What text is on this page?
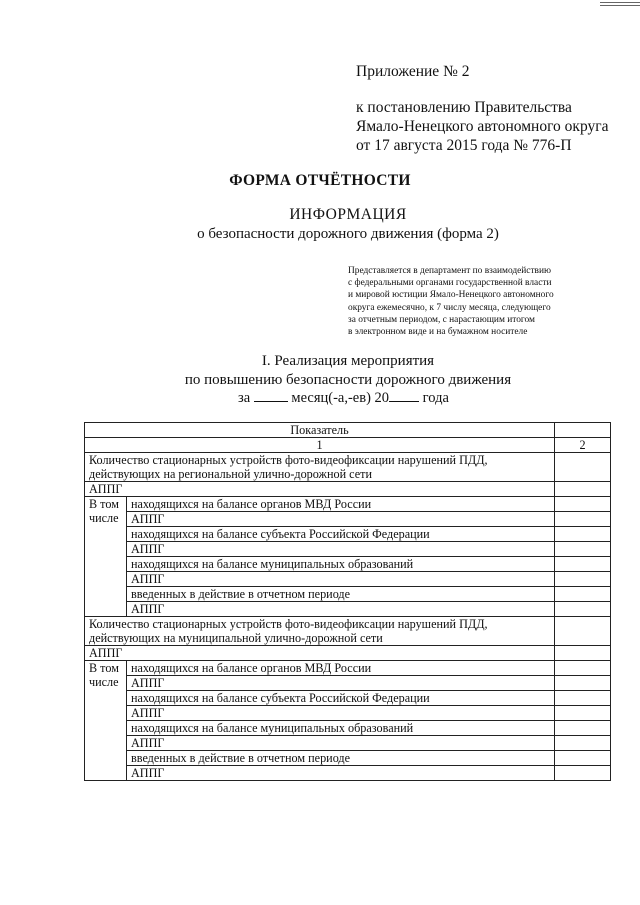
Приложение № 2
к постановлению Правительства
Ямало-Ненецкого автономного округа
от 17 августа 2015 года № 776-П
ФОРМА ОТЧЁТНОСТИ
ИНФОРМАЦИЯ
о безопасности дорожного движения (форма 2)
Представляется в департамент по взаимодействию
с федеральными органами государственной власти
и мировой юстиции Ямало-Ненецкого автономного
округа ежемесячно, к 7 числу месяца, следующего
за отчетным периодом, с нарастающим итогом
в электронном виде и на бумажном носителе
I. Реализация мероприятия
по повышению безопасности дорожного движения
за	месяц(-а,-ев) 20 года
Показатель		
1		2

Количество стационарных устройств фото-видеофиксации нарушений ПДД,
действующих на региональной улично-дорожной сети		

АППГ		

В том
числе	находящихся на балансе органов МВД России	
	АППГ	
	находящихся на балансе субъекта Российской Федерации	
	АППГ	
	находящихся на балансе муниципальных образований	
	АППГ	
	введенных в действие в отчетном периоде	
	АППГ	

Количество стационарных устройств фото-видеофиксации нарушений ПДД,
действующих на муниципальной улично-дорожной сети		

АППГ		

В том
числе	находящихся на балансе органов МВД России	
	АППГ	
	находящихся на балансе субъекта Российской Федерации	
	АППГ	
	находящихся на балансе муниципальных образований	
	АППГ	
	введенных в действие в отчетном периоде	
	АППГ	
